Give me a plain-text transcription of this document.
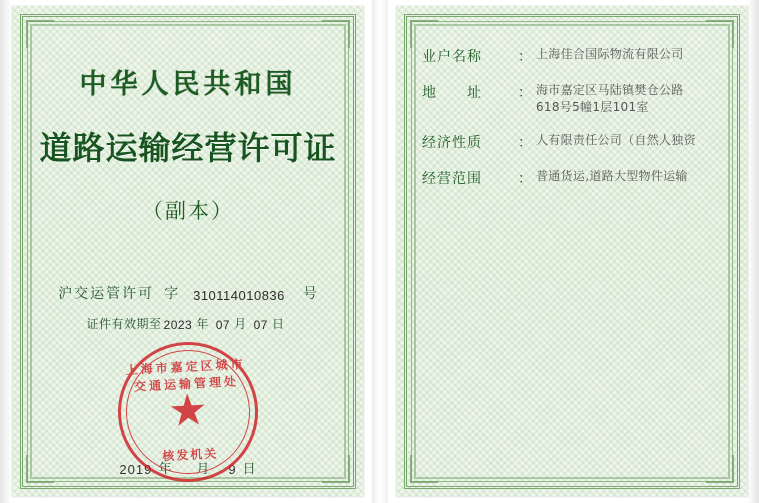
中华人民共和国
道路运输经营许可证
（副本）
沪交运管许可 字	310114010836 号
证件有效期至 2023 年 07 月 07 日
上海市嘉定区城市交通运输管理处
★
核发机关
2019 年 月 9 日
业户名称	： 上海佳合国际物流有限公司
地　　址	： 海市嘉定区马陆镇樊仓公路
618号5幢1层101室
经济性质	： 人有限责任公司（自然人独资
经营范围	： 普通货运,道路大型物件运输
